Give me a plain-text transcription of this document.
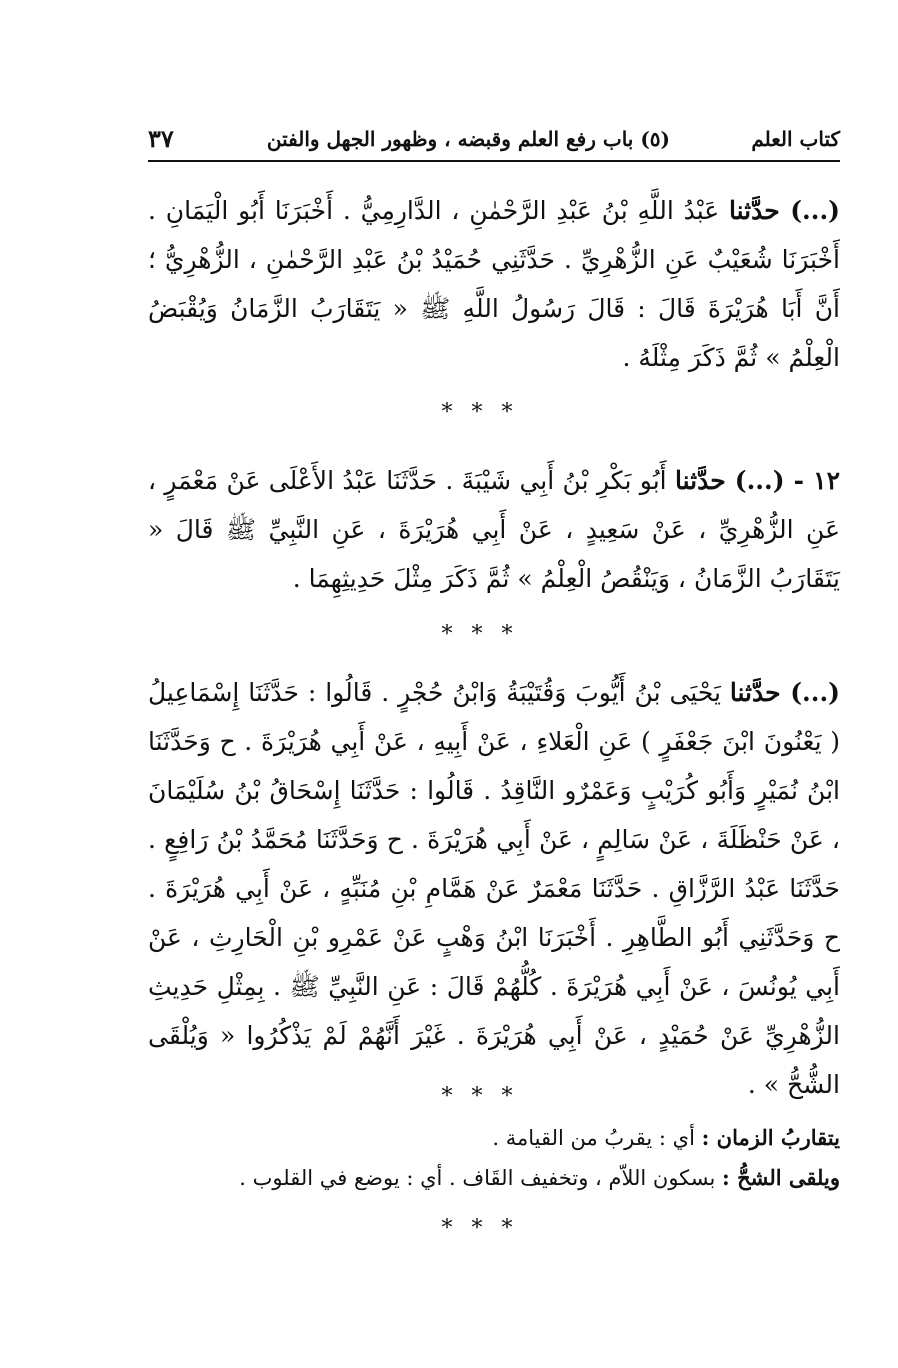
كتاب العلم
(٥) باب رفع العلم وقبضه ، وظهور الجهل والفتن
٣٧

(...) حدَّثنا عَبْدُ اللَّهِ بْنُ عَبْدِ الرَّحْمٰنِ ، الدَّارِمِيُّ . أَخْبَرَنَا أَبُو الْيَمَانِ . أَخْبَرَنَا شُعَيْبٌ عَنِ الزُّهْرِيِّ . حَدَّثَنِي حُمَيْدُ بْنُ عَبْدِ الرَّحْمٰنِ ، الزُّهْرِيُّ ؛ أَنَّ أَبَا هُرَيْرَةَ قَالَ : قَالَ رَسُولُ اللَّهِ ﷺ « يَتَقَارَبُ الزَّمَانُ وَيُقْبَضُ الْعِلْمُ » ثُمَّ ذَكَرَ مِثْلَهُ .

* * *

١٢ - (...) حدَّثنا أَبُو بَكْرِ بْنُ أَبِي شَيْبَةَ . حَدَّثَنَا عَبْدُ الأَعْلَى عَنْ مَعْمَرٍ ، عَنِ الزُّهْرِيِّ ، عَنْ سَعِيدٍ ، عَنْ أَبِي هُرَيْرَةَ ، عَنِ النَّبِيِّ ﷺ قَالَ « يَتَقَارَبُ الزَّمَانُ ، وَيَنْقُصُ الْعِلْمُ » ثُمَّ ذَكَرَ مِثْلَ حَدِيثِهِمَا .

* * *

(...) حدَّثنا يَحْيَى بْنُ أَيُّوبَ وَقُتَيْبَةُ وَابْنُ حُجْرٍ . قَالُوا : حَدَّثَنَا إِسْمَاعِيلُ ( يَعْنُونَ ابْنَ جَعْفَرٍ ) عَنِ الْعَلاءِ ، عَنْ أَبِيهِ ، عَنْ أَبِي هُرَيْرَةَ . ح وَحَدَّثَنَا ابْنُ نُمَيْرٍ وَأَبُو كُرَيْبٍ وَعَمْرٌو النَّاقِدُ . قَالُوا : حَدَّثَنَا إِسْحَاقُ بْنُ سُلَيْمَانَ ، عَنْ حَنْظَلَةَ ، عَنْ سَالِمٍ ، عَنْ أَبِي هُرَيْرَةَ . ح وَحَدَّثَنَا مُحَمَّدُ بْنُ رَافِعٍ . حَدَّثَنَا عَبْدُ الرَّزَّاقِ . حَدَّثَنَا مَعْمَرٌ عَنْ هَمَّامِ بْنِ مُنَبِّهٍ ، عَنْ أَبِي هُرَيْرَةَ . ح وَحَدَّثَنِي أَبُو الطَّاهِرِ . أَخْبَرَنَا ابْنُ وَهْبٍ عَنْ عَمْرِو بْنِ الْحَارِثِ ، عَنْ أَبِي يُونُسَ ، عَنْ أَبِي هُرَيْرَةَ . كُلُّهُمْ قَالَ : عَنِ النَّبِيِّ ﷺ . بِمِثْلِ حَدِيثِ الزُّهْرِيِّ عَنْ حُمَيْدٍ ، عَنْ أَبِي هُرَيْرَةَ . غَيْرَ أَنَّهُمْ لَمْ يَذْكُرُوا « وَيُلْقَى الشُّحُّ » .

* * *

يتقاربُ الزمان : أي : يقربُ من القيامة .

ويلقى الشحُّ : بسكون اللاّم ، وتخفيف القَاف . أي : يوضع في القلوب .

* * *
